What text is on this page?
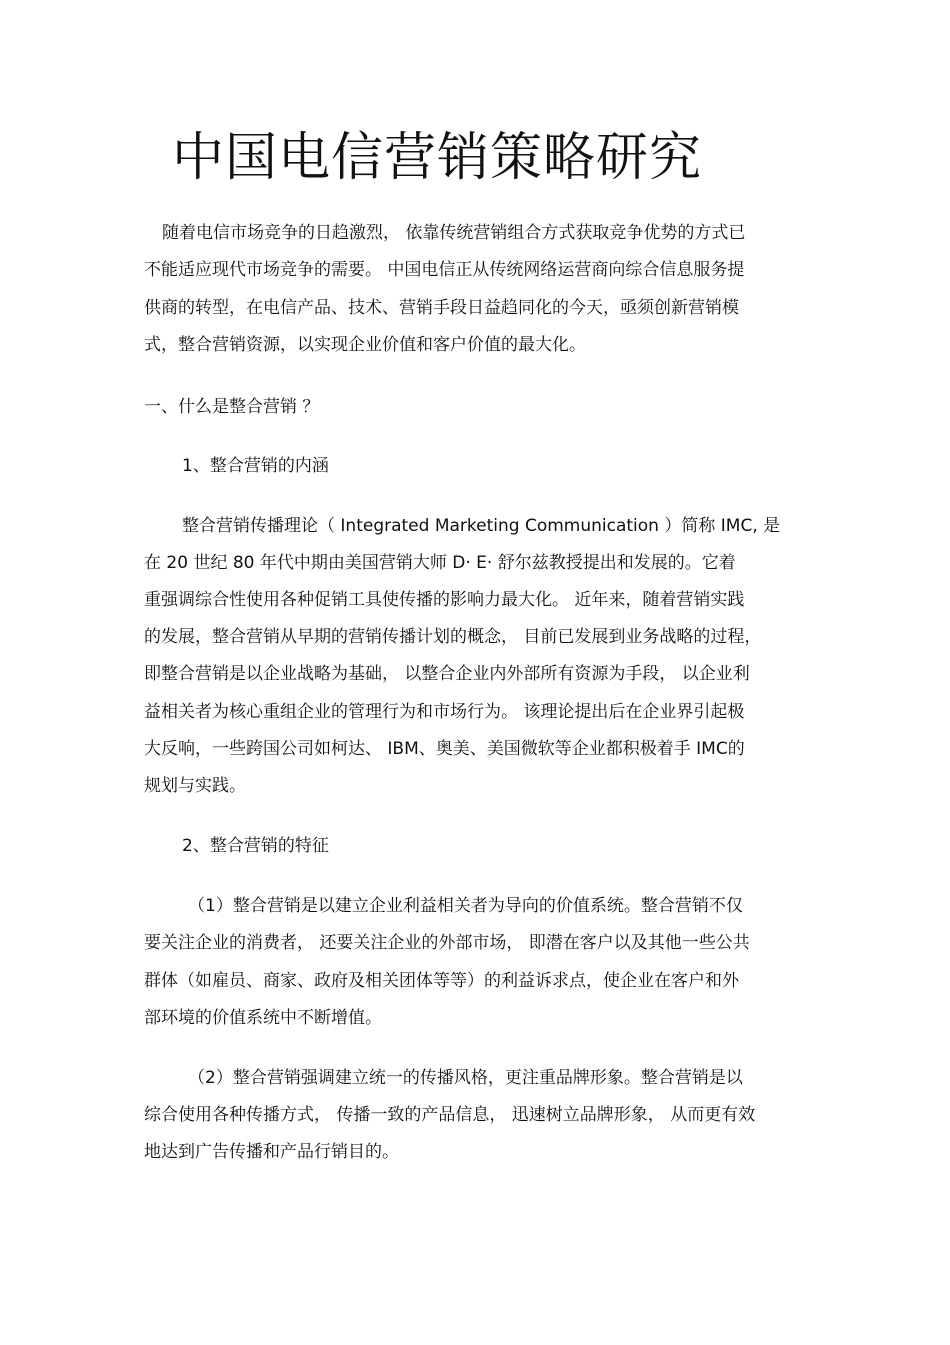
中国电信营销策略研究
随着电信市场竞争的日趋激烈， 依靠传统营销组合方式获取竞争优势的方式已
不能适应现代市场竞争的需要。 中国电信正从传统网络运营商向综合信息服务提
供商的转型，在电信产品、技术、营销手段日益趋同化的今天，亟须创新营销模
式，整合营销资源，以实现企业价值和客户价值的最大化。
一、什么是整合营销 ？
1、整合营销的内涵
整合营销传播理论（ Integrated Marketing Communication ）简称 IMC, 是
在 20 世纪 80 年代中期由美国营销大师 D· E· 舒尔兹教授提出和发展的。它着
重强调综合性使用各种促销工具使传播的影响力最大化。 近年来，随着营销实践
的发展，整合营销从早期的营销传播计划的概念， 目前已发展到业务战略的过程，
即整合营销是以企业战略为基础， 以整合企业内外部所有资源为手段， 以企业利
益相关者为核心重组企业的管理行为和市场行为。 该理论提出后在企业界引起极
大反响，一些跨国公司如柯达、 IBM、奥美、美国微软等企业都积极着手 IMC的
规划与实践。
2、整合营销的特征
（1）整合营销是以建立企业利益相关者为导向的价值系统。整合营销不仅
要关注企业的消费者， 还要关注企业的外部市场， 即潜在客户以及其他一些公共
群体（如雇员、商家、政府及相关团体等等）的利益诉求点，使企业在客户和外
部环境的价值系统中不断增值。
（2）整合营销强调建立统一的传播风格，更注重品牌形象。整合营销是以
综合使用各种传播方式， 传播一致的产品信息， 迅速树立品牌形象， 从而更有效
地达到广告传播和产品行销目的。
